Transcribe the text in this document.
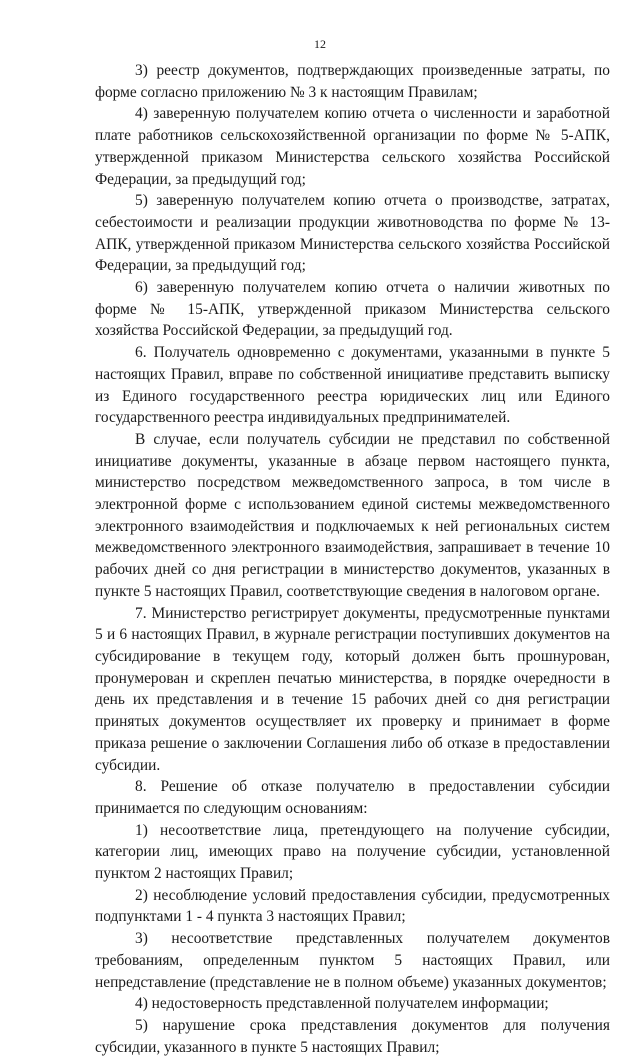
12

3) реестр документов, подтверждающих произведенные затраты, по форме согласно приложению № 3 к настоящим Правилам;

4) заверенную получателем копию отчета о численности и заработной плате работников сельскохозяйственной организации по форме № 5-АПК, утвержденной приказом Министерства сельского хозяйства Российской Федерации, за предыдущий год;

5) заверенную получателем копию отчета о производстве, затратах, себестоимости и реализации продукции животноводства по форме № 13-АПК, утвержденной приказом Министерства сельского хозяйства Российской Федерации, за предыдущий год;

6) заверенную получателем копию отчета о наличии животных по форме № 15-АПК, утвержденной приказом Министерства сельского хозяйства Российской Федерации, за предыдущий год.

6. Получатель одновременно с документами, указанными в пункте 5 настоящих Правил, вправе по собственной инициативе представить выписку из Единого государственного реестра юридических лиц или Единого государственного реестра индивидуальных предпринимателей.

В случае, если получатель субсидии не представил по собственной инициативе документы, указанные в абзаце первом настоящего пункта, министерство посредством межведомственного запроса, в том числе в электронной форме с использованием единой системы межведомственного электронного взаимодействия и подключаемых к ней региональных систем межведомственного электронного взаимодействия, запрашивает в течение 10 рабочих дней со дня регистрации в министерство документов, указанных в пункте 5 настоящих Правил, соответствующие сведения в налоговом органе.

7. Министерство регистрирует документы, предусмотренные пунктами 5 и 6 настоящих Правил, в журнале регистрации поступивших документов на субсидирование в текущем году, который должен быть прошнурован, пронумерован и скреплен печатью министерства, в порядке очередности в день их представления и в течение 15 рабочих дней со дня регистрации принятых документов осуществляет их проверку и принимает в форме приказа решение о заключении Соглашения либо об отказе в предоставлении субсидии.

8. Решение об отказе получателю в предоставлении субсидии принимается по следующим основаниям:

1) несоответствие лица, претендующего на получение субсидии, категории лиц, имеющих право на получение субсидии, установленной пунктом 2 настоящих Правил;

2) несоблюдение условий предоставления субсидии, предусмотренных подпунктами 1 - 4 пункта 3 настоящих Правил;

3) несоответствие представленных получателем документов требованиям, определенным пунктом 5 настоящих Правил, или непредставление (представление не в полном объеме) указанных документов;

4) недостоверность представленной получателем информации;

5) нарушение срока представления документов для получения субсидии, указанного в пункте 5 настоящих Правил;
